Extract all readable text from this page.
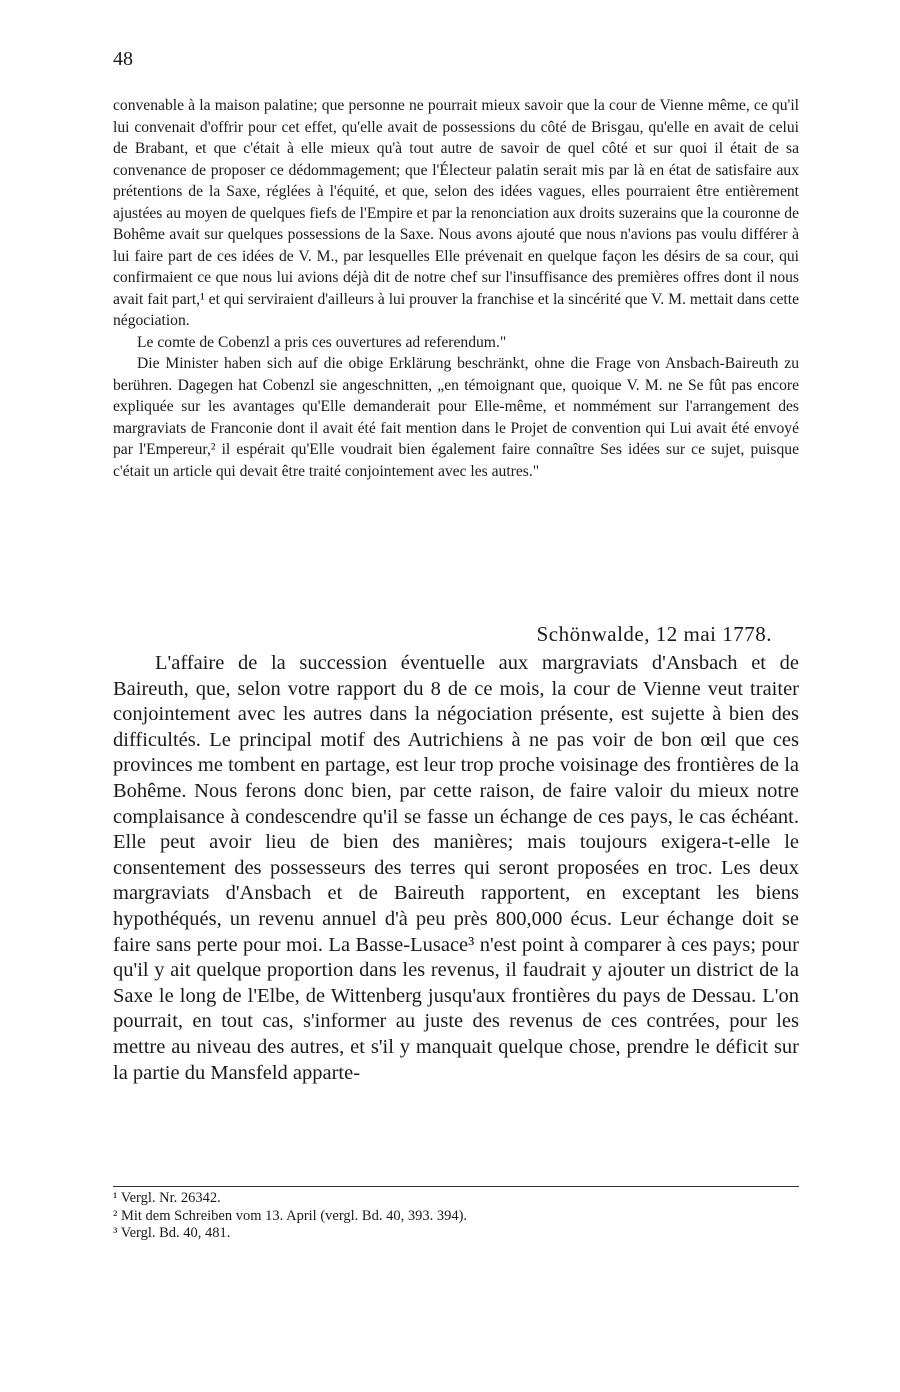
48

convenable à la maison palatine; que personne ne pourrait mieux savoir que la cour de Vienne même, ce qu'il lui convenait d'offrir pour cet effet, qu'elle avait de possessions du côté de Brisgau, qu'elle en avait de celui de Brabant, et que c'était à elle mieux qu'à tout autre de savoir de quel côté et sur quoi il était de sa convenance de proposer ce dédommagement; que l'Électeur palatin serait mis par là en état de satisfaire aux prétentions de la Saxe, réglées à l'équité, et que, selon des idées vagues, elles pourraient être entièrement ajustées au moyen de quelques fiefs de l'Empire et par la renonciation aux droits suzerains que la couronne de Bohême avait sur quelques possessions de la Saxe. Nous avons ajouté que nous n'avions pas voulu différer à lui faire part de ces idées de V. M., par lesquelles Elle prévenait en quelque façon les désirs de sa cour, qui confirmaient ce que nous lui avions déjà dit de notre chef sur l'insuffisance des premières offres dont il nous avait fait part,¹ et qui serviraient d'ailleurs à lui prouver la franchise et la sincérité que V. M. mettait dans cette négociation.

Le comte de Cobenzl a pris ces ouvertures ad referendum."

Die Minister haben sich auf die obige Erklärung beschränkt, ohne die Frage von Ansbach-Baireuth zu berühren. Dagegen hat Cobenzl sie angeschnitten, „en témoignant que, quoique V. M. ne Se fût pas encore expliquée sur les avantages qu'Elle demanderait pour Elle-même, et nommément sur l'arrangement des margraviats de Franconie dont il avait été fait mention dans le Projet de convention qui Lui avait été envoyé par l'Empereur,² il espérait qu'Elle voudrait bien également faire connaître Ses idées sur ce sujet, puisque c'était un article qui devait être traité conjointement avec les autres."

Schönwalde, 12 mai 1778.

L'affaire de la succession éventuelle aux margraviats d'Ansbach et de Baireuth, que, selon votre rapport du 8 de ce mois, la cour de Vienne veut traiter conjointement avec les autres dans la négociation présente, est sujette à bien des difficultés. Le principal motif des Autrichiens à ne pas voir de bon œil que ces provinces me tombent en partage, est leur trop proche voisinage des frontières de la Bohême. Nous ferons donc bien, par cette raison, de faire valoir du mieux notre complaisance à condescendre qu'il se fasse un échange de ces pays, le cas échéant. Elle peut avoir lieu de bien des manières; mais toujours exigera-t-elle le consentement des possesseurs des terres qui seront proposées en troc. Les deux margraviats d'Ansbach et de Baireuth rapportent, en exceptant les biens hypothéqués, un revenu annuel d'à peu près 800,000 écus. Leur échange doit se faire sans perte pour moi. La Basse-Lusace³ n'est point à comparer à ces pays; pour qu'il y ait quelque proportion dans les revenus, il faudrait y ajouter un district de la Saxe le long de l'Elbe, de Wittenberg jusqu'aux frontières du pays de Dessau. L'on pourrait, en tout cas, s'informer au juste des revenus de ces contrées, pour les mettre au niveau des autres, et s'il y manquait quelque chose, prendre le déficit sur la partie du Mansfeld apparte-

¹ Vergl. Nr. 26342.

² Mit dem Schreiben vom 13. April (vergl. Bd. 40, 393. 394).

³ Vergl. Bd. 40, 481.
